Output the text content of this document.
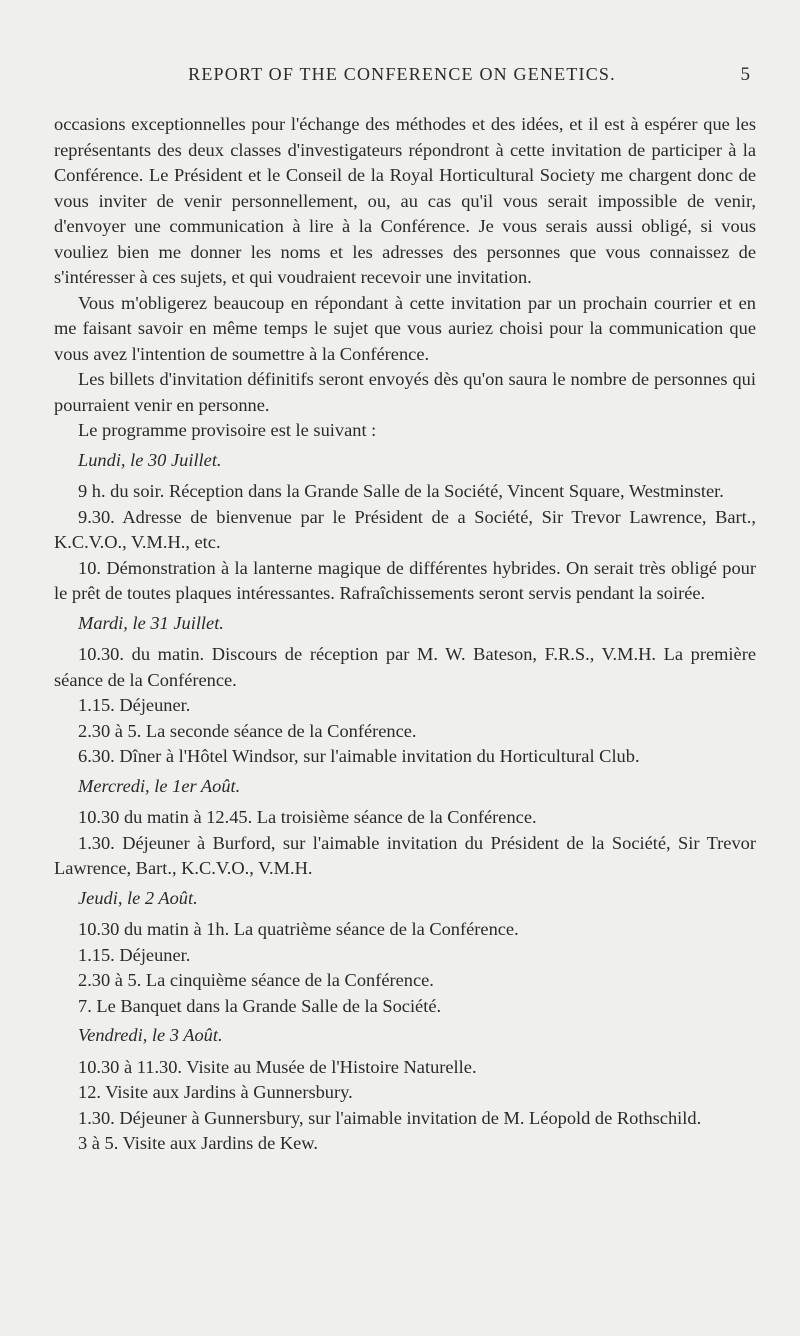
REPORT OF THE CONFERENCE ON GENETICS.	5

occasions exceptionnelles pour l'échange des méthodes et des idées, et il est à espérer que les représentants des deux classes d'investigateurs répondront à cette invitation de participer à la Conférence. Le Président et le Conseil de la Royal Horticultural Society me chargent donc de vous inviter de venir personnellement, ou, au cas qu'il vous serait impossible de venir, d'envoyer une communication à lire à la Conférence. Je vous serais aussi obligé, si vous vouliez bien me donner les noms et les adresses des personnes que vous connaissez de s'intéresser à ces sujets, et qui voudraient recevoir une invitation.

Vous m'obligerez beaucoup en répondant à cette invitation par un prochain courrier et en me faisant savoir en même temps le sujet que vous auriez choisi pour la communication que vous avez l'intention de soumettre à la Conférence.

Les billets d'invitation définitifs seront envoyés dès qu'on saura le nombre de personnes qui pourraient venir en personne.

Le programme provisoire est le suivant :

Lundi, le 30 Juillet.

9 h. du soir. Réception dans la Grande Salle de la Société, Vincent Square, Westminster.

9.30. Adresse de bienvenue par le Président de a Société, Sir Trevor Lawrence, Bart., K.C.V.O., V.M.H., etc.

10. Démonstration à la lanterne magique de différentes hybrides. On serait très obligé pour le prêt de toutes plaques intéressantes. Rafraîchissements seront servis pendant la soirée.

Mardi, le 31 Juillet.

10.30. du matin. Discours de réception par M. W. Bateson, F.R.S., V.M.H. La première séance de la Conférence.

1.15. Déjeuner.

2.30 à 5. La seconde séance de la Conférence.

6.30. Dîner à l'Hôtel Windsor, sur l'aimable invitation du Horticultural Club.

Mercredi, le 1er Août.

10.30 du matin à 12.45. La troisième séance de la Conférence.

1.30. Déjeuner à Burford, sur l'aimable invitation du Président de la Société, Sir Trevor Lawrence, Bart., K.C.V.O., V.M.H.

Jeudi, le 2 Août.

10.30 du matin à 1h. La quatrième séance de la Conférence.

1.15. Déjeuner.

2.30 à 5. La cinquième séance de la Conférence.

7. Le Banquet dans la Grande Salle de la Société.

Vendredi, le 3 Août.

10.30 à 11.30. Visite au Musée de l'Histoire Naturelle.

12. Visite aux Jardins à Gunnersbury.

1.30. Déjeuner à Gunnersbury, sur l'aimable invitation de M. Léopold de Rothschild.

3 à 5. Visite aux Jardins de Kew.
